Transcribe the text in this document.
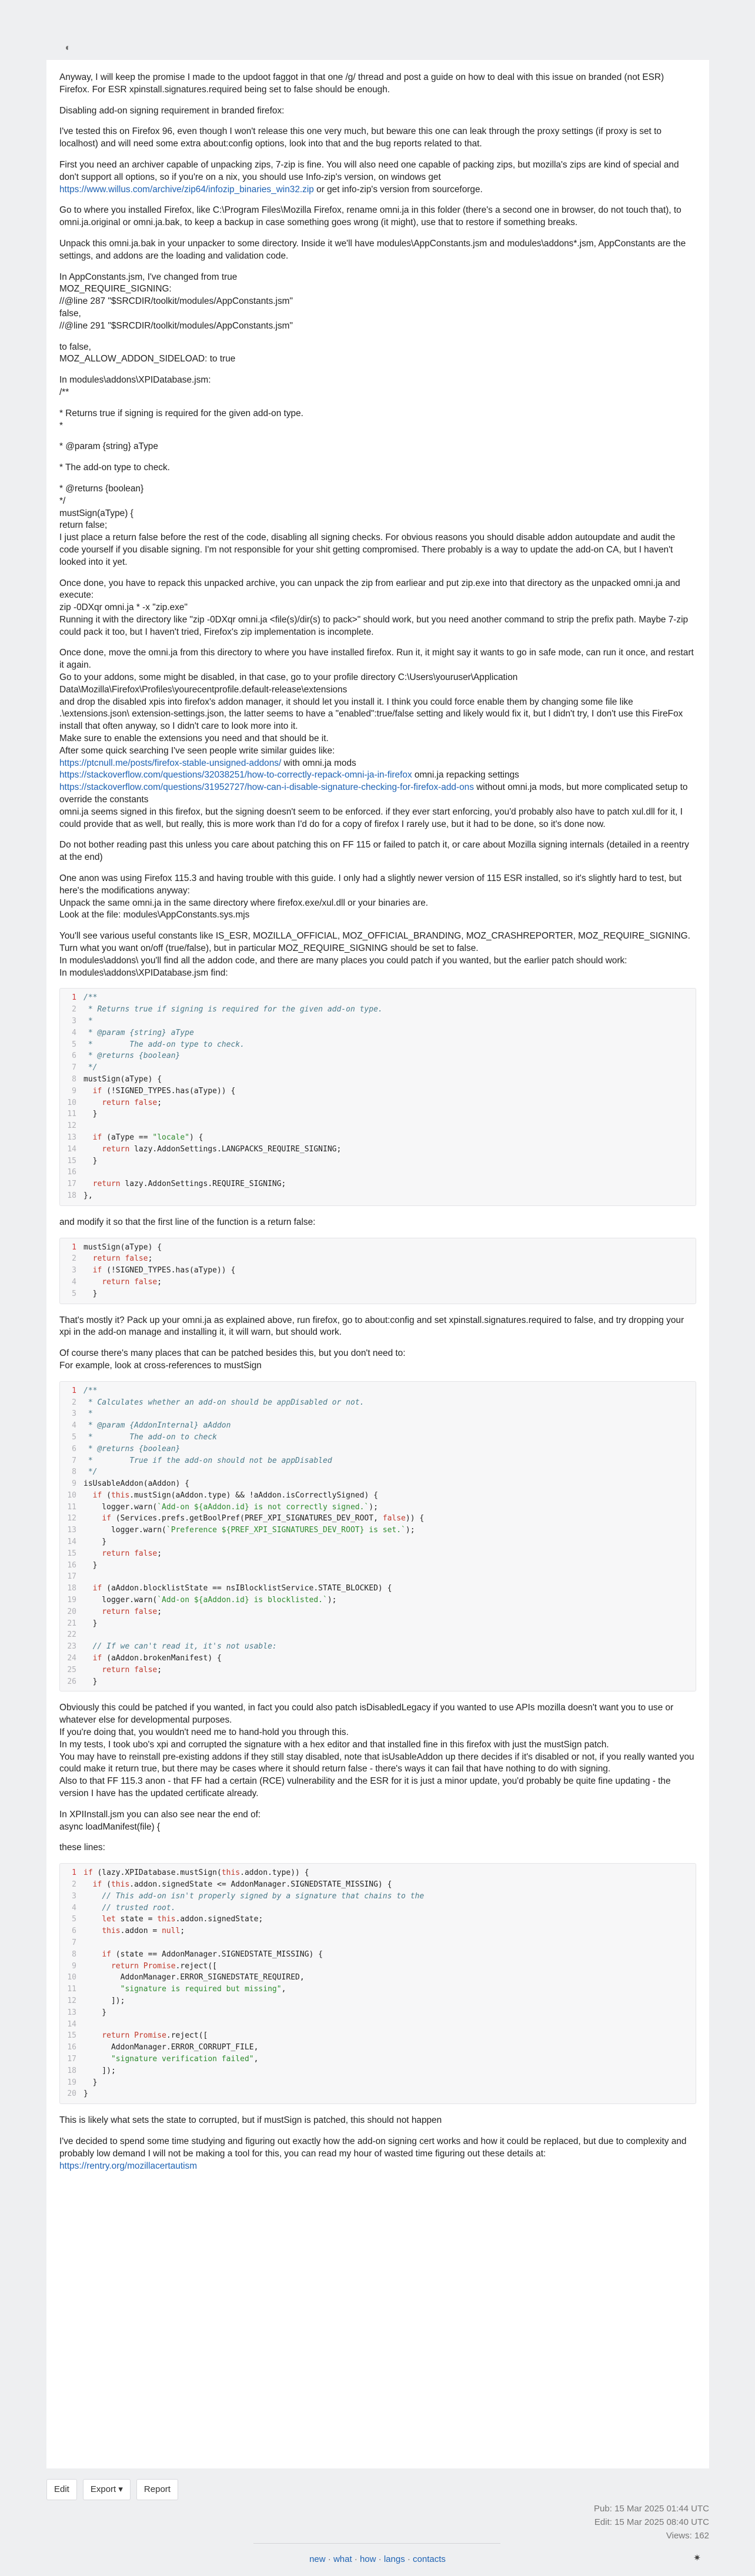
◐

Anyway, I will keep the promise I made to the updoot faggot in that one /g/ thread and post a guide on how to deal with this issue on branded (not ESR) Firefox. For ESR xpinstall.signatures.required being set to false should be enough.

Disabling add-on signing requirement in branded firefox:

I've tested this on Firefox 96, even though I won't release this one very much, but beware this one can leak through the proxy settings (if proxy is set to localhost) and will need some extra about:config options, look into that and the bug reports related to that.

First you need an archiver capable of unpacking zips, 7-zip is fine. You will also need one capable of packing zips, but mozilla's zips are kind of special and don't support all options, so if you're on a nix, you should use Info-zip's version, on windows get
https://www.willus.com/archive/zip64/infozip_binaries_win32.zip or get info-zip's version from sourceforge.

Go to where you installed Firefox, like C:\Program Files\Mozilla Firefox, rename omni.ja in this folder (there's a second one in browser, do not touch that), to omni.ja.original or omni.ja.bak, to keep a backup in case something goes wrong (it might), use that to restore if something breaks.

Unpack this omni.ja.bak in your unpacker to some directory. Inside it we'll have modules\AppConstants.jsm and modules\addons*.jsm, AppConstants are the settings, and addons are the loading and validation code.

In AppConstants.jsm, I've changed from true
MOZ_REQUIRE_SIGNING:
//@line 287 "$SRCDIR/toolkit/modules/AppConstants.jsm"
false,
//@line 291 "$SRCDIR/toolkit/modules/AppConstants.jsm"

to false,
MOZ_ALLOW_ADDON_SIDELOAD: to true

In modules\addons\XPIDatabase.jsm:
/**

* Returns true if signing is required for the given add-on type.
*

* @param {string} aType

* The add-on type to check.

* @returns {boolean}
*/
mustSign(aType) {
return false;
I just place a return false before the rest of the code, disabling all signing checks. For obvious reasons you should disable addon autoupdate and audit the code yourself if you disable signing. I'm not responsible for your shit getting compromised. There probably is a way to update the add-on CA, but I haven't looked into it yet.

Once done, you have to repack this unpacked archive, you can unpack the zip from earliear and put zip.exe into that directory as the unpacked omni.ja and execute:
zip -0DXqr omni.ja * -x "zip.exe"
Running it with the directory like "zip -0DXqr omni.ja <file(s)/dir(s) to pack>" should work, but you need another command to strip the prefix path. Maybe 7-zip could pack it too, but I haven't tried, Firefox's zip implementation is incomplete.

Once done, move the omni.ja from this directory to where you have installed firefox. Run it, it might say it wants to go in safe mode, can run it once, and restart it again.
Go to your addons, some might be disabled, in that case, go to your profile directory C:\Users\youruser\Application Data\Mozilla\Firefox\Profiles\yourecentprofile.default-release\extensions
and drop the disabled xpis into firefox's addon manager, it should let you install it. I think you could force enable them by changing some file like .\extensions.json\ extension-settings.json, the latter seems to have a "enabled":true/false setting and likely would fix it, but I didn't try, I don't use this FireFox install that often anyway, so I didn't care to look more into it.
Make sure to enable the extensions you need and that should be it.
After some quick searching I've seen people write similar guides like:
https://ptcnull.me/posts/firefox-stable-unsigned-addons/ with omni.ja mods
https://stackoverflow.com/questions/32038251/how-to-correctly-repack-omni-ja-in-firefox omni.ja repacking settings
https://stackoverflow.com/questions/31952727/how-can-i-disable-signature-checking-for-firefox-add-ons without omni.ja mods, but more complicated setup to override the constants
omni.ja seems signed in this firefox, but the signing doesn't seem to be enforced. if they ever start enforcing, you'd probably also have to patch xul.dll for it, I could provide that as well, but really, this is more work than I'd do for a copy of firefox I rarely use, but it had to be done, so it's done now.

Do not bother reading past this unless you care about patching this on FF 115 or failed to patch it, or care about Mozilla signing internals (detailed in a reentry at the end)

One anon was using Firefox 115.3 and having trouble with this guide. I only had a slightly newer version of 115 ESR installed, so it's slightly hard to test, but here's the modifications anyway:
Unpack the same omni.ja in the same directory where firefox.exe/xul.dll or your binaries are.
Look at the file: modules\AppConstants.sys.mjs

You'll see various useful constants like IS_ESR, MOZILLA_OFFICIAL, MOZ_OFFICIAL_BRANDING, MOZ_CRASHREPORTER, MOZ_REQUIRE_SIGNING.
Turn what you want on/off (true/false), but in particular MOZ_REQUIRE_SIGNING should be set to false.
In modules\addons\ you'll find all the addon code, and there are many places you could patch if you wanted, but the earlier patch should work:
In modules\addons\XPIDatabase.jsm find:

1 /**
2 * Returns true if signing is required for the given add-on type.
3 *
4 * @param {string} aType
5 *        The add-on type to check.
6 * @returns {boolean}
7 */
8 mustSign(aType) {
9 if (!SIGNED_TYPES.has(aType)) {
10	return false;
11  }
12
13 if (aType == "locale") {
14	return lazy.AddonSettings.LANGPACKS_REQUIRE_SIGNING;
15  }
16
17 return lazy.AddonSettings.REQUIRE_SIGNING;
18 },

and modify it so that the first line of the function is a return false:

1 mustSign(aType) {
2 return false;
3 if (!SIGNED_TYPES.has(aType)) {
4	return false;
5  }

That's mostly it? Pack up your omni.ja as explained above, run firefox, go to about:config and set xpinstall.signatures.required to false, and try dropping your xpi in the add-on manage and installing it, it will warn, but should work.

Of course there's many places that can be patched besides this, but you don't need to:
For example, look at cross-references to mustSign

1 /**
2 * Calculates whether an add-on should be appDisabled or not.
3 *
4 * @param {AddonInternal} aAddon
5 *        The add-on to check
6 * @returns {boolean}
7 *        True if the add-on should not be appDisabled
8 */
9 isUsableAddon(aAddon) {
10 if (this.mustSign(aAddon.type) && !aAddon.isCorrectlySigned) {
11    logger.warn(`Add-on ${aAddon.id} is not correctly signed.`);
12	if (Services.prefs.getBoolPref(PREF_XPI_SIGNATURES_DEV_ROOT, false)) {
13      logger.warn(`Preference ${PREF_XPI_SIGNATURES_DEV_ROOT} is set.`);
14    }
15	return false;
16  }
17
18 if (aAddon.blocklistState == nsIBlocklistService.STATE_BLOCKED) {
19    logger.warn(`Add-on ${aAddon.id} is blocklisted.`);
20	return false;
21  }
22
23 // If we can't read it, it's not usable:
24 if (aAddon.brokenManifest) {
25	return false;
26  }

Obviously this could be patched if you wanted, in fact you could also patch isDisabledLegacy if you wanted to use APIs mozilla doesn't want you to use or whatever else for developmental purposes.
If you're doing that, you wouldn't need me to hand-hold you through this.
In my tests, I took ubo's xpi and corrupted the signature with a hex editor and that installed fine in this firefox with just the mustSign patch.
You may have to reinstall pre-existing addons if they still stay disabled, note that isUsableAddon up there decides if it's disabled or not, if you really wanted you could make it return true, but there may be cases where it should return false - there's ways it can fail that have nothing to do with signing.
Also to that FF 115.3 anon - that FF had a certain (RCE) vulnerability and the ESR for it is just a minor update, you'd probably be quite fine updating - the version I have has the updated certificate already.

In XPIInstall.jsm you can also see near the end of:
async loadManifest(file) {

these lines:

1 if (lazy.XPIDatabase.mustSign(this.addon.type)) {
2 if (this.addon.signedState <= AddonManager.SIGNEDSTATE_MISSING) {
3	// This add-on isn't properly signed by a signature that chains to the
4	// trusted root.
5	let state = this.addon.signedState;
6	this.addon = null;
7
8	if (state == AddonManager.SIGNEDSTATE_MISSING) {
9	return Promise.reject([
10        AddonManager.ERROR_SIGNEDSTATE_REQUIRED,
11	"signature is required but missing",
12      ]);
13    }
14
15	return Promise.reject([
16      AddonManager.ERROR_CORRUPT_FILE,
17	"signature verification failed",
18    ]);
19  }
20 }

This is likely what sets the state to corrupted, but if mustSign is patched, this should not happen

I've decided to spend some time studying and figuring out exactly how the add-on signing cert works and how it could be replaced, but due to complexity and probably low demand I will not be making a tool for this, you can read my hour of wasted time figuring out these details at:
https://rentry.org/mozillacertautism

Edit	Export ▾	Report
Pub: 15 Mar 2025 01:44 UTC
Edit: 15 Mar 2025 08:40 UTC
Views: 162
new · what · how · langs · contacts	✷
